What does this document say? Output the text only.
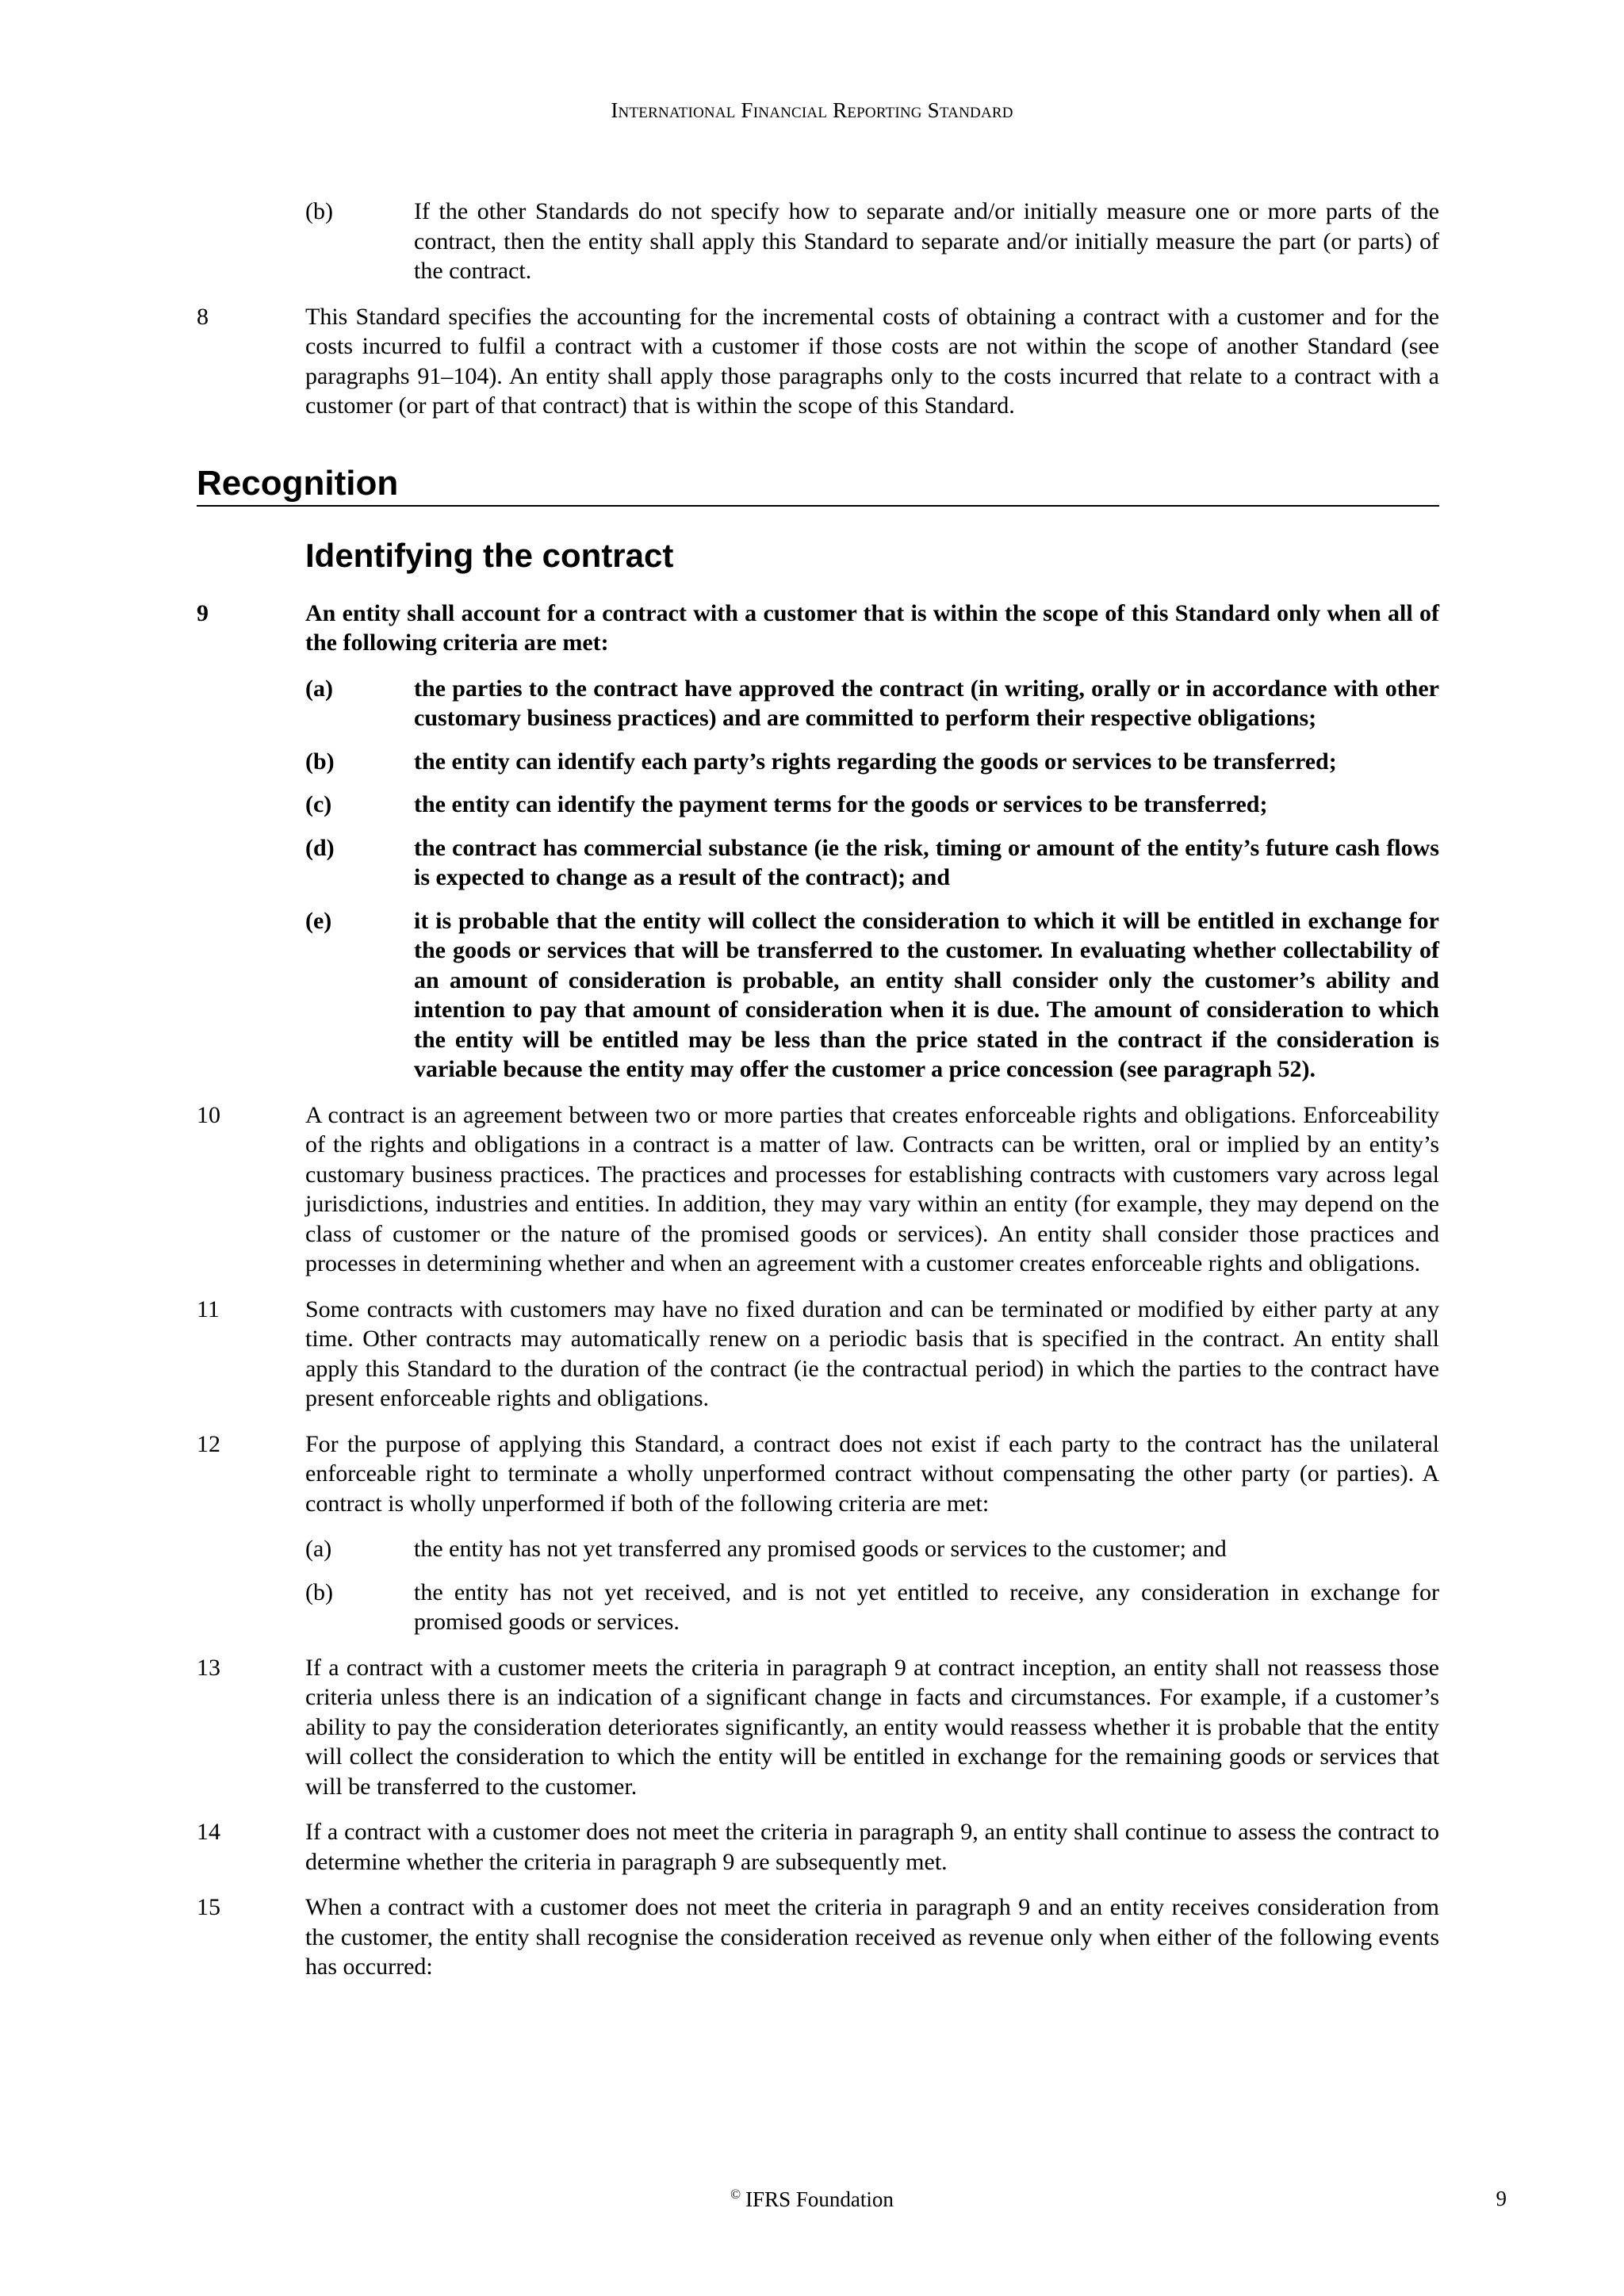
International Financial Reporting Standard
(b)	If the other Standards do not specify how to separate and/or initially measure one or more parts of the contract, then the entity shall apply this Standard to separate and/or initially measure the part (or parts) of the contract.
8	This Standard specifies the accounting for the incremental costs of obtaining a contract with a customer and for the costs incurred to fulfil a contract with a customer if those costs are not within the scope of another Standard (see paragraphs 91–104). An entity shall apply those paragraphs only to the costs incurred that relate to a contract with a customer (or part of that contract) that is within the scope of this Standard.
Recognition
Identifying the contract
9	An entity shall account for a contract with a customer that is within the scope of this Standard only when all of the following criteria are met:
(a)	the parties to the contract have approved the contract (in writing, orally or in accordance with other customary business practices) and are committed to perform their respective obligations;
(b)	the entity can identify each party’s rights regarding the goods or services to be transferred;
(c)	the entity can identify the payment terms for the goods or services to be transferred;
(d)	the contract has commercial substance (ie the risk, timing or amount of the entity’s future cash flows is expected to change as a result of the contract); and
(e)	it is probable that the entity will collect the consideration to which it will be entitled in exchange for the goods or services that will be transferred to the customer. In evaluating whether collectability of an amount of consideration is probable, an entity shall consider only the customer’s ability and intention to pay that amount of consideration when it is due. The amount of consideration to which the entity will be entitled may be less than the price stated in the contract if the consideration is variable because the entity may offer the customer a price concession (see paragraph 52).
10	A contract is an agreement between two or more parties that creates enforceable rights and obligations. Enforceability of the rights and obligations in a contract is a matter of law. Contracts can be written, oral or implied by an entity’s customary business practices. The practices and processes for establishing contracts with customers vary across legal jurisdictions, industries and entities. In addition, they may vary within an entity (for example, they may depend on the class of customer or the nature of the promised goods or services). An entity shall consider those practices and processes in determining whether and when an agreement with a customer creates enforceable rights and obligations.
11	Some contracts with customers may have no fixed duration and can be terminated or modified by either party at any time. Other contracts may automatically renew on a periodic basis that is specified in the contract. An entity shall apply this Standard to the duration of the contract (ie the contractual period) in which the parties to the contract have present enforceable rights and obligations.
12	For the purpose of applying this Standard, a contract does not exist if each party to the contract has the unilateral enforceable right to terminate a wholly unperformed contract without compensating the other party (or parties). A contract is wholly unperformed if both of the following criteria are met:
(a)	the entity has not yet transferred any promised goods or services to the customer; and
(b)	the entity has not yet received, and is not yet entitled to receive, any consideration in exchange for promised goods or services.
13	If a contract with a customer meets the criteria in paragraph 9 at contract inception, an entity shall not reassess those criteria unless there is an indication of a significant change in facts and circumstances. For example, if a customer’s ability to pay the consideration deteriorates significantly, an entity would reassess whether it is probable that the entity will collect the consideration to which the entity will be entitled in exchange for the remaining goods or services that will be transferred to the customer.
14	If a contract with a customer does not meet the criteria in paragraph 9, an entity shall continue to assess the contract to determine whether the criteria in paragraph 9 are subsequently met.
15	When a contract with a customer does not meet the criteria in paragraph 9 and an entity receives consideration from the customer, the entity shall recognise the consideration received as revenue only when either of the following events has occurred:
© IFRS Foundation	9
